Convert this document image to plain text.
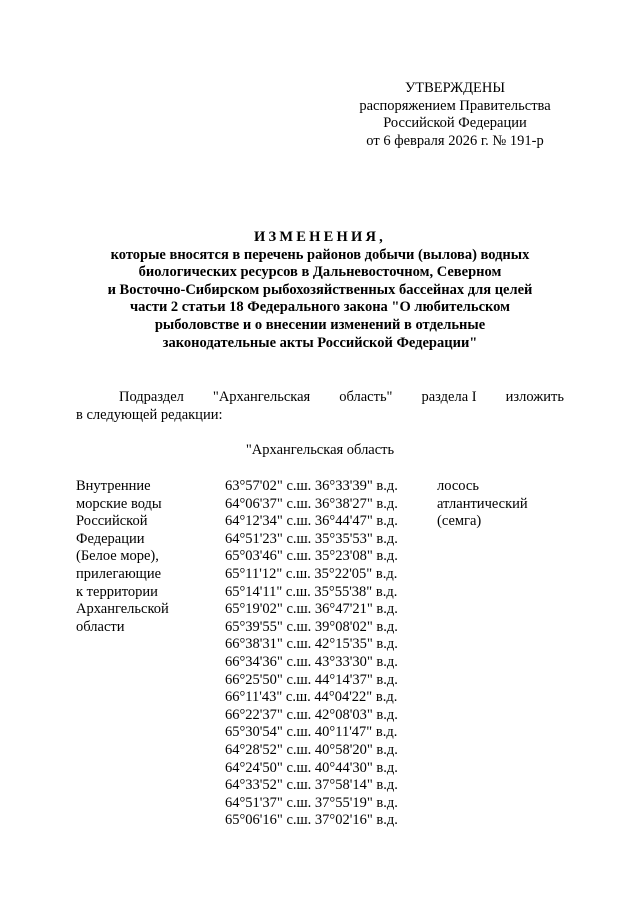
УТВЕРЖДЕНЫ
распоряжением Правительства
Российской Федерации
от 6 февраля 2026 г. № 191-р
ИЗМЕНЕНИЯ,
которые вносятся в перечень районов добычи (вылова) водных
биологических ресурсов в Дальневосточном, Северном
и Восточно-Сибирском рыбохозяйственных бассейнах для целей
части 2 статьи 18 Федерального закона "О любительском
рыболовстве и о внесении изменений в отдельные
законодательные акты Российской Федерации"
Подраздел "Архангельская область" раздела I изложить
в следующей редакции:
"Архангельская область
Внутренние
морские воды
Российской
Федерации
(Белое море),
прилегающие
к территории
Архангельской
области
63°57'02" с.ш. 36°33'39" в.д.
64°06'37" с.ш. 36°38'27" в.д.
64°12'34" с.ш. 36°44'47" в.д.
64°51'23" с.ш. 35°35'53" в.д.
65°03'46" с.ш. 35°23'08" в.д.
65°11'12" с.ш. 35°22'05" в.д.
65°14'11" с.ш. 35°55'38" в.д.
65°19'02" с.ш. 36°47'21" в.д.
65°39'55" с.ш. 39°08'02" в.д.
66°38'31" с.ш. 42°15'35" в.д.
66°34'36" с.ш. 43°33'30" в.д.
66°25'50" с.ш. 44°14'37" в.д.
66°11'43" с.ш. 44°04'22" в.д.
66°22'37" с.ш. 42°08'03" в.д.
65°30'54" с.ш. 40°11'47" в.д.
64°28'52" с.ш. 40°58'20" в.д.
64°24'50" с.ш. 40°44'30" в.д.
64°33'52" с.ш. 37°58'14" в.д.
64°51'37" с.ш. 37°55'19" в.д.
65°06'16" с.ш. 37°02'16" в.д.
лосось
атлантический
(семга)
